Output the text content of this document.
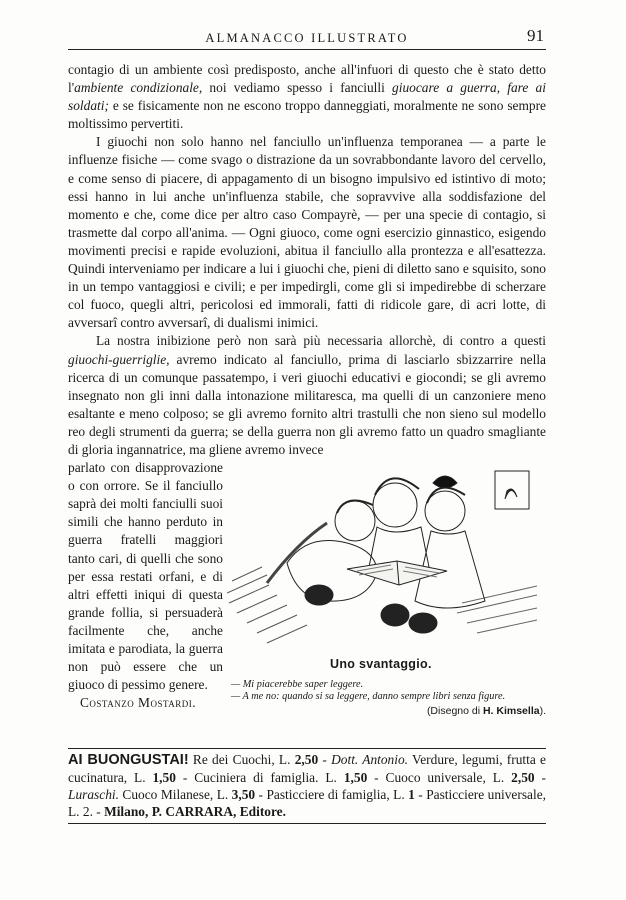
ALMANACCO ILLUSTRATO	91

contagio di un ambiente così predisposto, anche all'infuori di questo che è stato detto l'ambiente condizionale, noi vediamo spesso i fanciulli giuocare a guerra, fare ai soldati; e se fisicamente non ne escono troppo danneggiati, moralmente ne sono sempre moltissimo pervertiti.

I giuochi non solo hanno nel fanciullo un'influenza temporanea — a parte le influenze fisiche — come svago o distrazione da un sovrabbondante lavoro del cervello, e come senso di piacere, di appagamento di un bisogno impulsivo ed istintivo di moto; essi hanno in lui anche un'influenza stabile, che sopravvive alla soddisfazione del momento e che, come dice per altro caso Compayrè, — per una specie di contagio, si trasmette dal corpo all'anima. — Ogni giuoco, come ogni esercizio ginnastico, esigendo movimenti precisi e rapide evoluzioni, abitua il fanciullo alla prontezza e all'esattezza. Quindi interveniamo per indicare a lui i giuochi che, pieni di diletto sano e squisito, sono in un tempo vantaggiosi e civili; e per impedirgli, come gli si impedirebbe di scherzare col fuoco, quegli altri, pericolosi ed immorali, fatti di ridicole gare, di acri lotte, di avversarî contro avversarî, di dualismi inimici.

La nostra inibizione però non sarà più necessaria allorchè, di contro a questi giuochi-guerriglie, avremo indicato al fanciullo, prima di lasciarlo sbizzarrire nella ricerca di un comunque passatempo, i veri giuochi educativi e giocondi; se gli avremo insegnato non gli inni dalla intonazione militaresca, ma quelli di un canzoniere meno esaltante e meno colposo; se gli avremo fornito altri trastulli che non sieno sul modello reo degli strumenti da guerra; se della guerra non gli avremo fatto un quadro smagliante di gloria ingannatrice, ma gliene avremo invece

parlato con disapprovazione o con orrore. Se il fanciullo saprà dei molti fanciulli suoi simili che hanno perduto in guerra fratelli maggiori tanto cari, di quelli che sono per essa restati orfani, e di altri effetti iniqui di questa grande follia, si persuaderà facilmente che, anche imitata e parodiata, la guerra non può essere che un giuoco di pessimo genere.

Costanzo Mostardi.

Uno svantaggio.
— Mi piacerebbe saper leggere.
— A me no: quando si sa leggere, danno sempre libri senza figure.
(Disegno di H. Kimsella).
AI BUONGUSTAI! Re dei Cuochi, L. 2,50 - Dott. Antonio. Verdure, legumi, frutta e cucinatura, L. 1,50 - Cuciniera di famiglia. L. 1,50 - Cuoco universale, L. 2,50 - Luraschi. Cuoco Milanese, L. 3,50 - Pasticciere di famiglia, L. 1 - Pasticciere universale, L. 2. - Milano, P. CARRARA, Editore.
